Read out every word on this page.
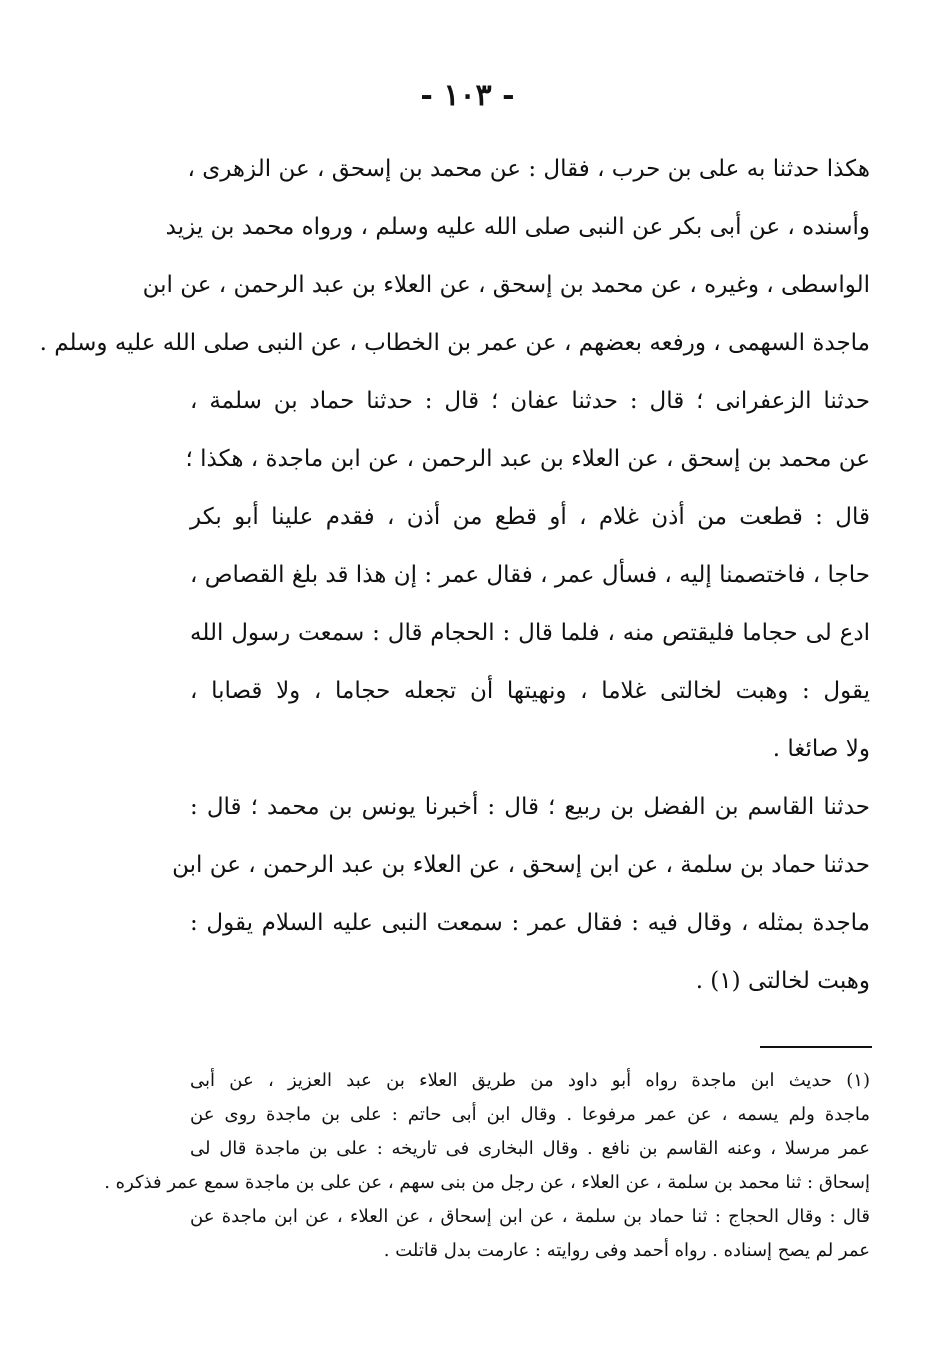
- ١٠٣ -
هكذا حدثنا به على بن حرب ، فقال : عن محمد بن إسحق ، عن الزهرى ،
وأسنده ، عن أبى بكر عن النبى صلى الله عليه وسلم ، ورواه محمد بن يزيد
الواسطى ، وغيره ، عن محمد بن إسحق ، عن العلاء بن عبد الرحمن ، عن ابن
ماجدة السهمى ، ورفعه بعضهم ، عن عمر بن الخطاب ، عن النبى صلى الله عليه وسلم .
حدثنا الزعفرانى ؛ قال : حدثنا عفان ؛ قال : حدثنا حماد بن سلمة ،
عن محمد بن إسحق ، عن العلاء بن عبد الرحمن ، عن ابن ماجدة ، هكذا ؛
قال : قطعت من أذن غلام ، أو قطع من أذن ، فقدم علينا أبو بكر
حاجا ، فاختصمنا إليه ، فسأل عمر ، فقال عمر : إن هذا قد بلغ القصاص ،
ادع لى حجاما فليقتص منه ، فلما قال : الحجام قال : سمعت رسول الله
يقول : وهبت لخالتى غلاما ، ونهيتها أن تجعله حجاما ، ولا قصابا ،
ولا صائغا .
حدثنا القاسم بن الفضل بن ربيع ؛ قال : أخبرنا يونس بن محمد ؛ قال :
حدثنا حماد بن سلمة ، عن ابن إسحق ، عن العلاء بن عبد الرحمن ، عن ابن
ماجدة بمثله ، وقال فيه : فقال عمر : سمعت النبى عليه السلام يقول :
وهبت لخالتى (١) .
(١) حديث ابن ماجدة رواه أبو داود من طريق العلاء بن عبد العزيز ، عن أبى
ماجدة ولم يسمه ، عن عمر مرفوعا . وقال ابن أبى حاتم : على بن ماجدة روى عن
عمر مرسلا ، وعنه القاسم بن نافع . وقال البخارى فى تاريخه : على بن ماجدة قال لى
إسحاق : ثنا محمد بن سلمة ، عن العلاء ، عن رجل من بنى سهم ، عن على بن ماجدة سمع عمر فذكره .
قال : وقال الحجاج : ثنا حماد بن سلمة ، عن ابن إسحاق ، عن العلاء ، عن ابن ماجدة عن
عمر لم يصح إسناده . رواه أحمد وفى روايته : عارمت بدل قاتلت .
